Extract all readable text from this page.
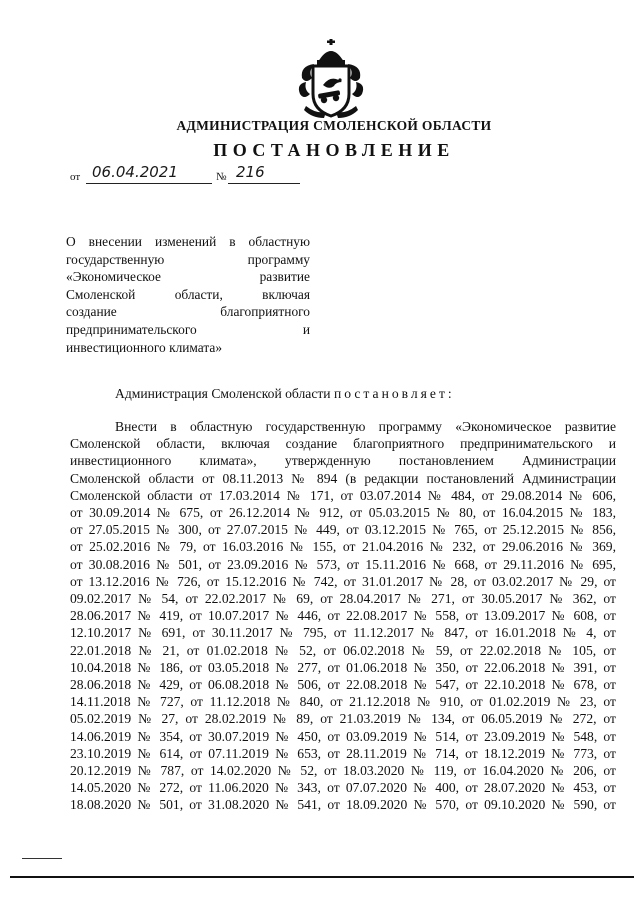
АДМИНИСТРАЦИЯ СМОЛЕНСКОЙ ОБЛАСТИ
ПОСТАНОВЛЕНИЕ
от 06.04.2021	№ 216
О внесении изменений в областную
государственную программу
«Экономическое развитие
Смоленской области, включая
создание благоприятного
предпринимательского и
инвестиционного климата»
Администрация Смоленской области постановляет:
Внести в областную государственную программу «Экономическое развитие
Смоленской области, включая создание благоприятного предпринимательского и
инвестиционного климата», утвержденную постановлением Администрации
Смоленской области от 08.11.2013 № 894 (в редакции постановлений Администрации
Смоленской области от 17.03.2014 № 171, от 03.07.2014 № 484, от 29.08.2014 № 606,
от 30.09.2014 № 675, от 26.12.2014 № 912, от 05.03.2015 № 80, от 16.04.2015 № 183,
от 27.05.2015 № 300, от 27.07.2015 № 449, от 03.12.2015 № 765, от 25.12.2015 № 856,
от 25.02.2016 № 79, от 16.03.2016 № 155, от 21.04.2016 № 232, от 29.06.2016 № 369,
от 30.08.2016 № 501, от 23.09.2016 № 573, от 15.11.2016 № 668, от 29.11.2016 № 695,
от 13.12.2016 № 726, от 15.12.2016 № 742, от 31.01.2017 № 28, от 03.02.2017 № 29, от
09.02.2017 № 54, от 22.02.2017 № 69, от 28.04.2017 № 271, от 30.05.2017 № 362, от
28.06.2017 № 419, от 10.07.2017 № 446, от 22.08.2017 № 558, от 13.09.2017 № 608, от
12.10.2017 № 691, от 30.11.2017 № 795, от 11.12.2017 № 847, от 16.01.2018 № 4, от
22.01.2018 № 21, от 01.02.2018 № 52, от 06.02.2018 № 59, от 22.02.2018 № 105, от
10.04.2018 № 186, от 03.05.2018 № 277, от 01.06.2018 № 350, от 22.06.2018 № 391, от
28.06.2018 № 429, от 06.08.2018 № 506, от 22.08.2018 № 547, от 22.10.2018 № 678, от
14.11.2018 № 727, от 11.12.2018 № 840, от 21.12.2018 № 910, от 01.02.2019 № 23, от
05.02.2019 № 27, от 28.02.2019 № 89, от 21.03.2019 № 134, от 06.05.2019 № 272, от
14.06.2019 № 354, от 30.07.2019 № 450, от 03.09.2019 № 514, от 23.09.2019 № 548, от
23.10.2019 № 614, от 07.11.2019 № 653, от 28.11.2019 № 714, от 18.12.2019 № 773, от
20.12.2019 № 787, от 14.02.2020 № 52, от 18.03.2020 № 119, от 16.04.2020 № 206, от
14.05.2020 № 272, от 11.06.2020 № 343, от 07.07.2020 № 400, от 28.07.2020 № 453, от
18.08.2020 № 501, от 31.08.2020 № 541, от 18.09.2020 № 570, от 09.10.2020 № 590, от
